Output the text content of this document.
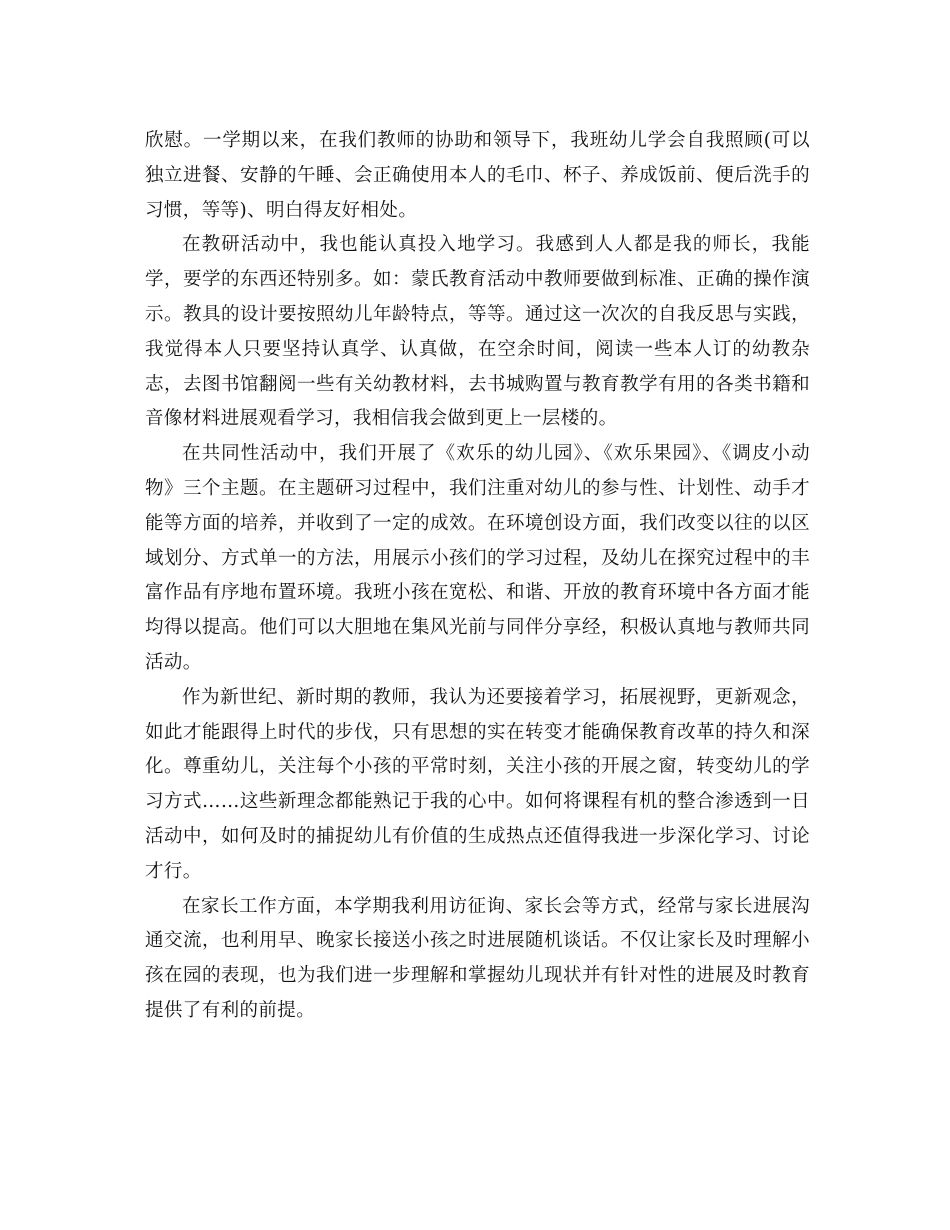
欣慰。一学期以来，在我们教师的协助和领导下，我班幼儿学会自我照顾(可以独立进餐、安静的午睡、会正确使用本人的毛巾、杯子、养成饭前、便后洗手的习惯，等等)、明白得友好相处。

在教研活动中，我也能认真投入地学习。我感到人人都是我的师长，我能学，要学的东西还特别多。如：蒙氏教育活动中教师要做到标准、正确的操作演示。教具的设计要按照幼儿年龄特点，等等。通过这一次次的自我反思与实践，我觉得本人只要坚持认真学、认真做，在空余时间，阅读一些本人订的幼教杂志，去图书馆翻阅一些有关幼教材料，去书城购置与教育教学有用的各类书籍和音像材料进展观看学习，我相信我会做到更上一层楼的。

在共同性活动中，我们开展了《欢乐的幼儿园》、《欢乐果园》、《调皮小动物》三个主题。在主题研习过程中，我们注重对幼儿的参与性、计划性、动手才能等方面的培养，并收到了一定的成效。在环境创设方面，我们改变以往的以区域划分、方式单一的方法，用展示小孩们的学习过程，及幼儿在探究过程中的丰富作品有序地布置环境。我班小孩在宽松、和谐、开放的教育环境中各方面才能均得以提高。他们可以大胆地在集风光前与同伴分享经，积极认真地与教师共同活动。

作为新世纪、新时期的教师，我认为还要接着学习，拓展视野，更新观念，如此才能跟得上时代的步伐，只有思想的实在转变才能确保教育改革的持久和深化。尊重幼儿，关注每个小孩的平常时刻，关注小孩的开展之窗，转变幼儿的学习方式……这些新理念都能熟记于我的心中。如何将课程有机的整合渗透到一日活动中，如何及时的捕捉幼儿有价值的生成热点还值得我进一步深化学习、讨论才行。

在家长工作方面，本学期我利用访征询、家长会等方式，经常与家长进展沟通交流，也利用早、晚家长接送小孩之时进展随机谈话。不仅让家长及时理解小孩在园的表现，也为我们进一步理解和掌握幼儿现状并有针对性的进展及时教育提供了有利的前提。
